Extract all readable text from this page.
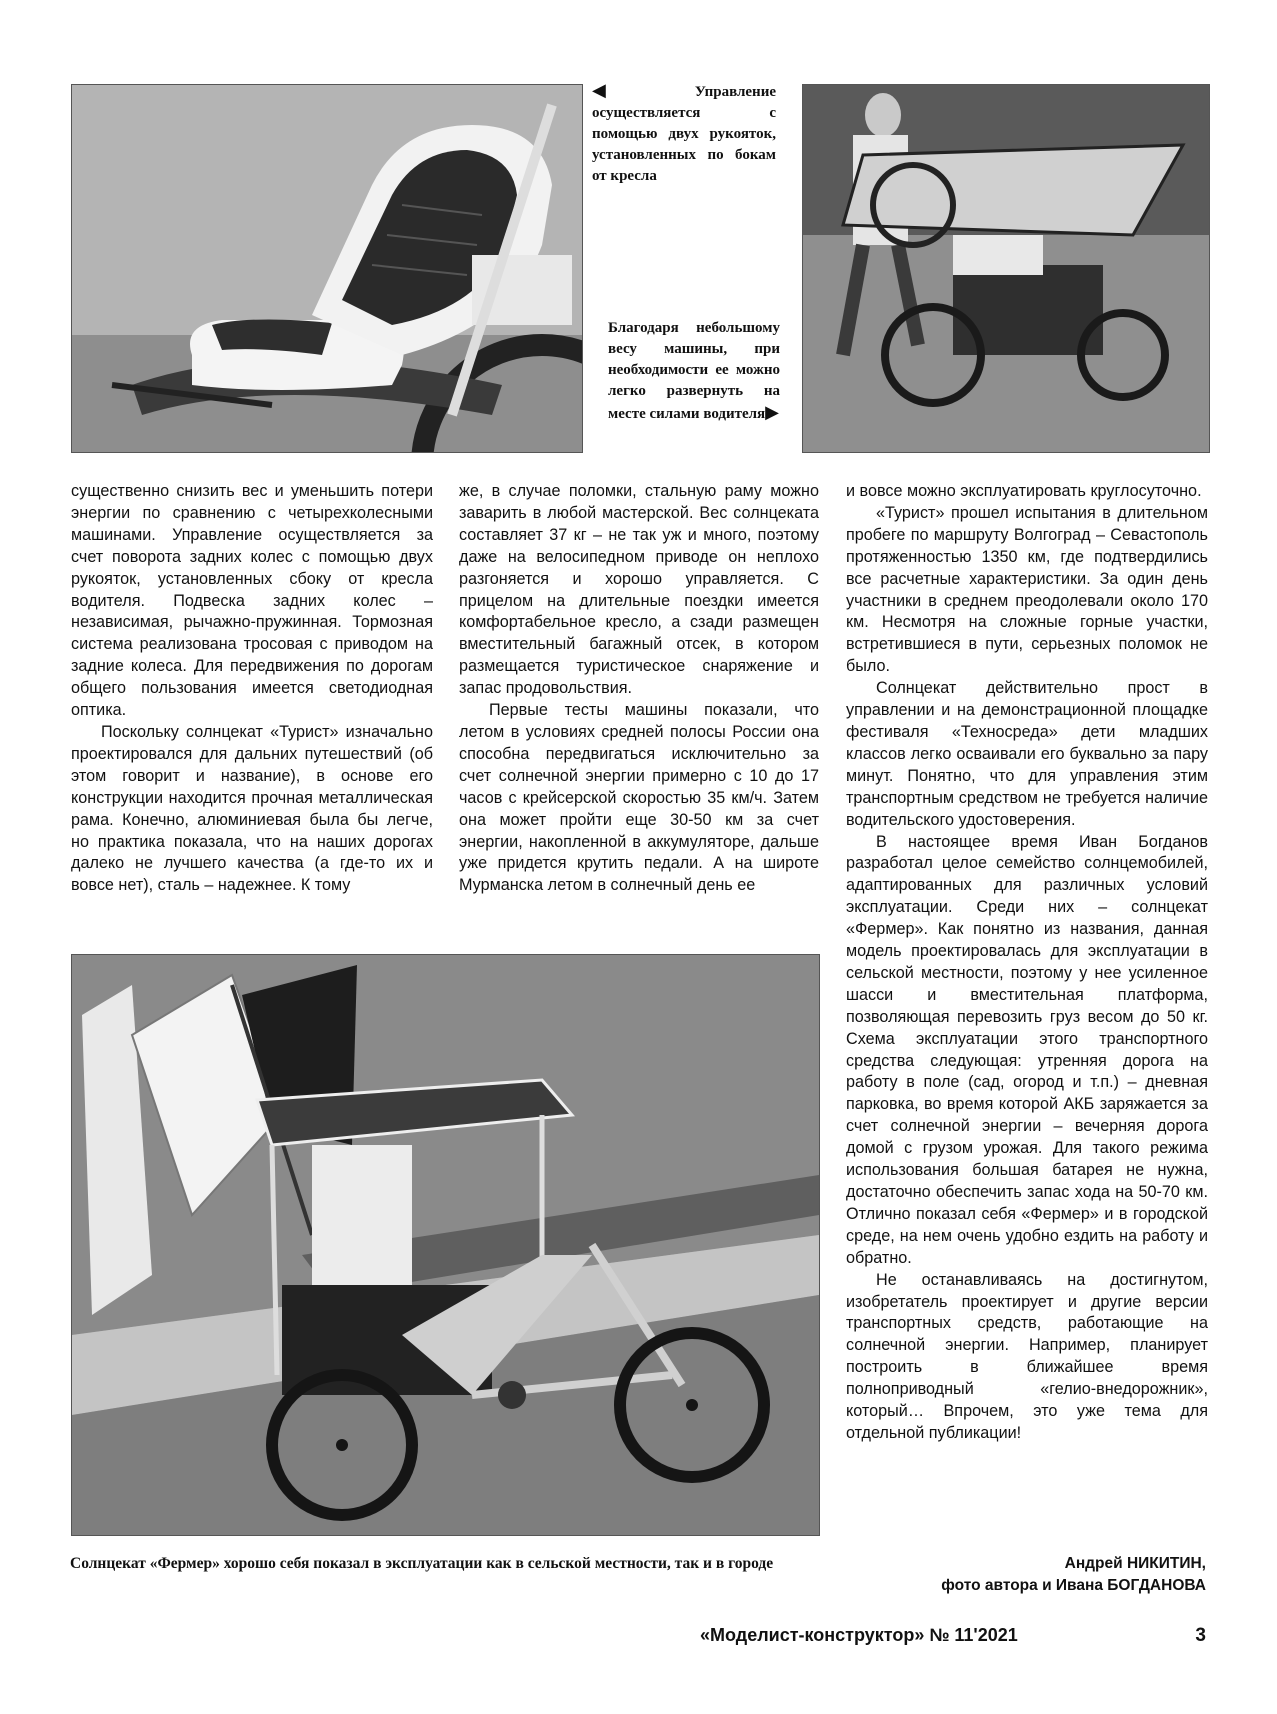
◀Управление осуществляется с помощью двух рукояток, установленных по бокам от кресла
Благодаря небольшому весу машины, при необходимости ее можно легко развернуть на месте силами водителя▶

существенно снизить вес и уменьшить потери энергии по сравнению с четырехколесными машинами. Управление осуществляется за счет поворота задних колес с помощью двух рукояток, установленных сбоку от кресла водителя. Подвеска задних колес – независимая, рычажно-пружинная. Тормозная система реализована тросовая с приводом на задние колеса. Для передвижения по дорогам общего пользования имеется светодиодная оптика.

Поскольку солнцекат «Турист» изначально проектировался для дальних путешествий (об этом говорит и название), в основе его конструкции находится прочная металлическая рама. Конечно, алюминиевая была бы легче, но практика показала, что на наших дорогах далеко не лучшего качества (а где-то их и вовсе нет), сталь – надежнее. К тому

же, в случае поломки, стальную раму можно заварить в любой мастерской. Вес солнцеката составляет 37 кг – не так уж и много, поэтому даже на велосипедном приводе он неплохо разгоняется и хорошо управляется. С прицелом на длительные поездки имеется комфортабельное кресло, а сзади размещен вместительный багажный отсек, в котором размещается туристическое снаряжение и запас продовольствия.

Первые тесты машины показали, что летом в условиях средней полосы России она способна передвигаться исключительно за счет солнечной энергии примерно с 10 до 17 часов с крейсерской скоростью 35 км/ч. Затем она может пройти еще 30-50 км за счет энергии, накопленной в аккумуляторе, дальше уже придется крутить педали. А на широте Мурманска летом в солнечный день ее

и вовсе можно эксплуатировать круглосуточно.

«Турист» прошел испытания в длительном пробеге по маршруту Волгоград – Севастополь протяженностью 1350 км, где подтвердились все расчетные характеристики. За один день участники в среднем преодолевали около 170 км. Несмотря на сложные горные участки, встретившиеся в пути, серьезных поломок не было.

Солнцекат действительно прост в управлении и на демонстрационной площадке фестиваля «Техносреда» дети младших классов легко осваивали его буквально за пару минут. Понятно, что для управления этим транспортным средством не требуется наличие водительского удостоверения.

В настоящее время Иван Богданов разработал целое семейство солнцемобилей, адаптированных для различных условий эксплуатации. Среди них – солнцекат «Фермер». Как понятно из названия, данная модель проектировалась для эксплуатации в сельской местности, поэтому у нее усиленное шасси и вместительная платформа, позволяющая перевозить груз весом до 50 кг. Схема эксплуатации этого транспортного средства следующая: утренняя дорога на работу в поле (сад, огород и т.п.) – дневная парковка, во время которой АКБ заряжается за счет солнечной энергии – вечерняя дорога домой с грузом урожая. Для такого режима использования большая батарея не нужна, достаточно обеспечить запас хода на 50-70 км. Отлично показал себя «Фермер» и в городской среде, на нем очень удобно ездить на работу и обратно.

Не останавливаясь на достигнутом, изобретатель проектирует и другие версии транспортных средств, работающие на солнечной энергии. Например, планирует построить в ближайшее время полноприводный «гелио-внедорожник», который… Впрочем, это уже тема для отдельной публикации!

Солнцекат «Фермер» хорошо себя показал в эксплуатации как в сельской местности, так и в городе	Андрей НИКИТИН,
фото автора и Ивана БОГДАНОВА
«Моделист-конструктор» № 11'2021	3
